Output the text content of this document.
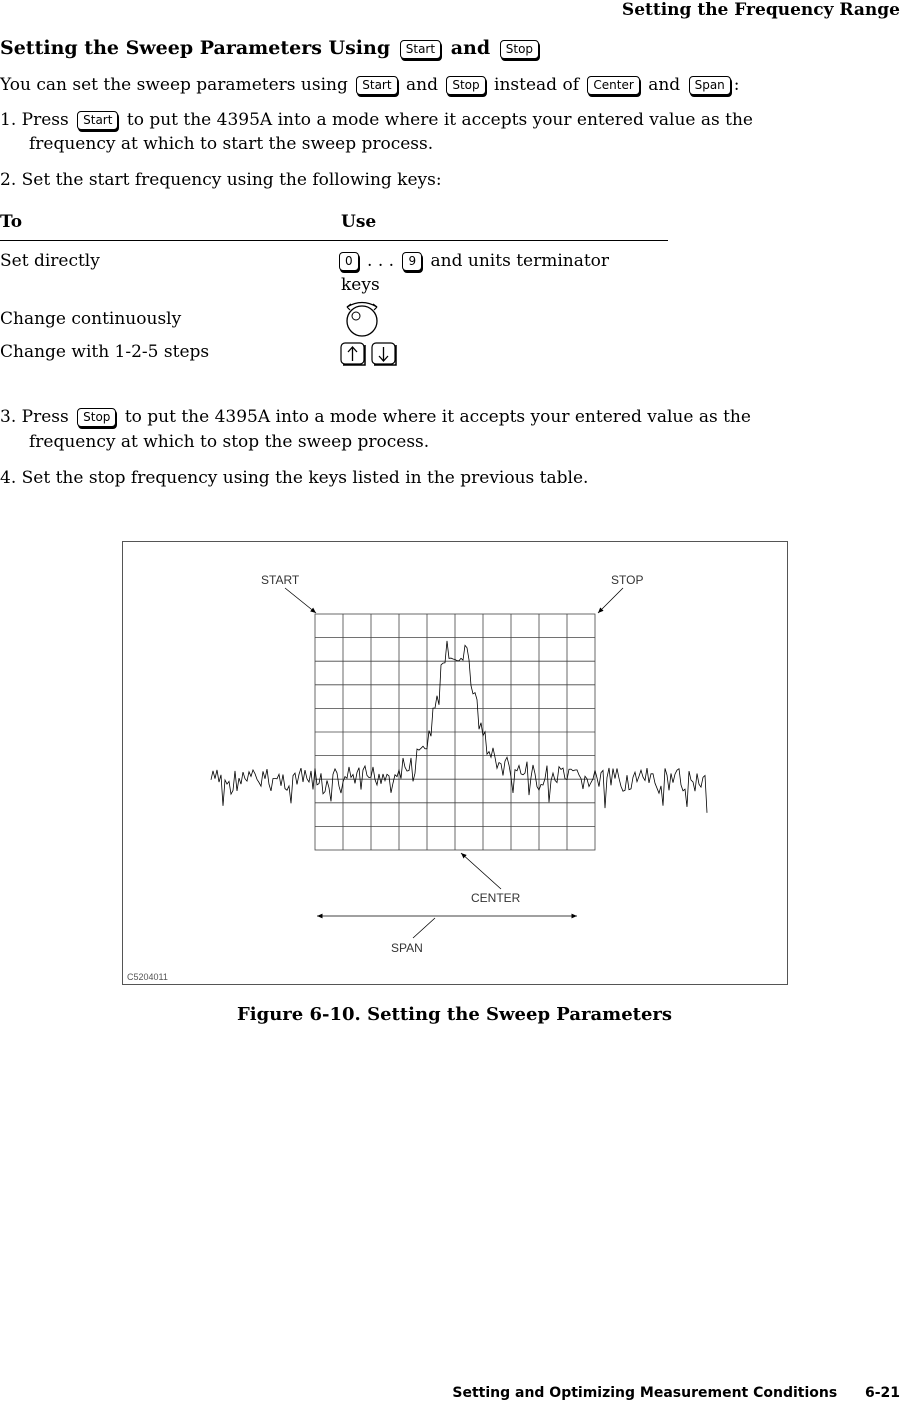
Setting the Frequency Range
Setting the Sweep Parameters Using Start and Stop
You can set the sweep parameters using Start and Stop instead of Center and Span :
1. Press Start to put the 4395A into a mode where it accepts your entered value as the
frequency at which to start the sweep process.
2. Set the start frequency using the following keys:
To	Use
Set directly	0 . . . 9 and units terminator
keys
Change continuously
Change with 1-2-5 steps
3. Press Stop to put the 4395A into a mode where it accepts your entered value as the
frequency at which to stop the sweep process.
4. Set the stop frequency using the keys listed in the previous table.
START	STOP
CENTER
SPAN
C5204011
Figure 6-10. Setting the Sweep Parameters
Setting and Optimizing Measurement Conditions 6-21
